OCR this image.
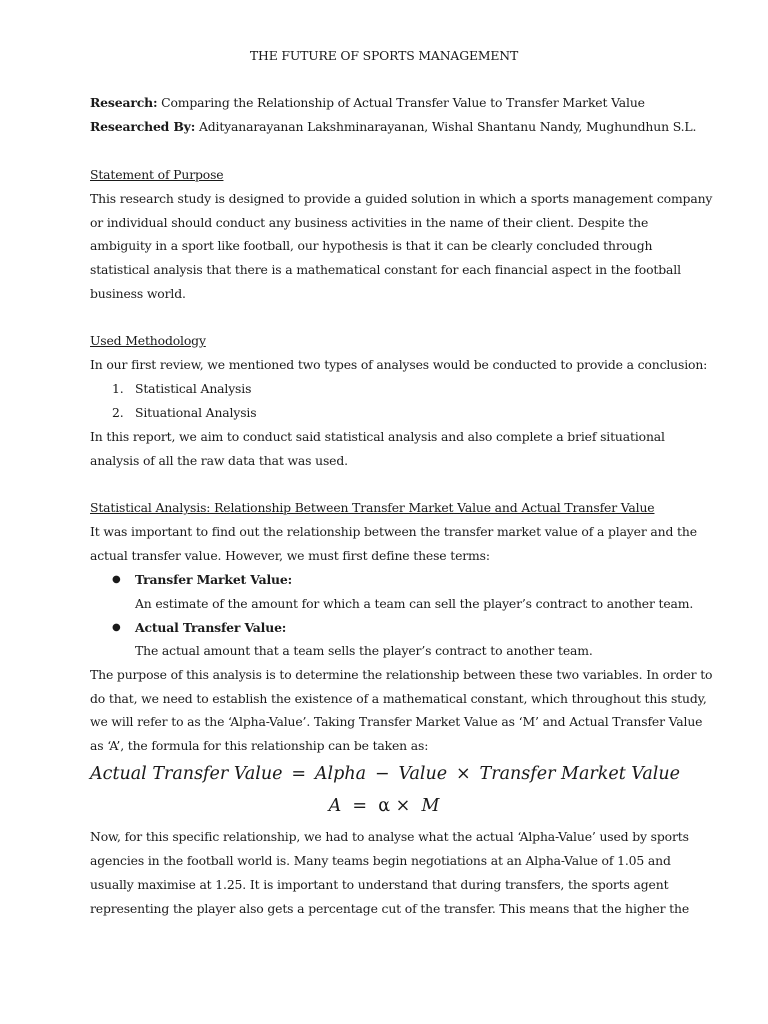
THE FUTURE OF SPORTS MANAGEMENT
Research: Comparing the Relationship of Actual Transfer Value to Transfer Market Value
Researched By: Adityanarayanan Lakshminarayanan, Wishal Shantanu Nandy, Mughundhun S.L.
Statement of Purpose
This research study is designed to provide a guided solution in which a sports management company
or individual should conduct any business activities in the name of their client. Despite the
ambiguity in a sport like football, our hypothesis is that it can be clearly concluded through
statistical analysis that there is a mathematical constant for each financial aspect in the football
business world.
Used Methodology
In our first review, we mentioned two types of analyses would be conducted to provide a conclusion:
1. Statistical Analysis
2. Situational Analysis
In this report, we aim to conduct said statistical analysis and also complete a brief situational
analysis of all the raw data that was used.
Statistical Analysis: Relationship Between Transfer Market Value and Actual Transfer Value
It was important to find out the relationship between the transfer market value of a player and the
actual transfer value. However, we must first define these terms:
● Transfer Market Value:
An estimate of the amount for which a team can sell the player’s contract to another team.
● Actual Transfer Value:
The actual amount that a team sells the player’s contract to another team.
The purpose of this analysis is to determine the relationship between these two variables. In order to
do that, we need to establish the existence of a mathematical constant, which throughout this study,
we will refer to as the ‘Alpha-Value’. Taking Transfer Market Value as ‘M’ and Actual Transfer Value
as ‘A’, the formula for this relationship can be taken as:
Actual Transfer Value = Alpha − Value × Transfer Market Value
A = α × M
Now, for this specific relationship, we had to analyse what the actual ‘Alpha-Value’ used by sports
agencies in the football world is. Many teams begin negotiations at an Alpha-Value of 1.05 and
usually maximise at 1.25. It is important to understand that during transfers, the sports agent
representing the player also gets a percentage cut of the transfer. This means that the higher the
